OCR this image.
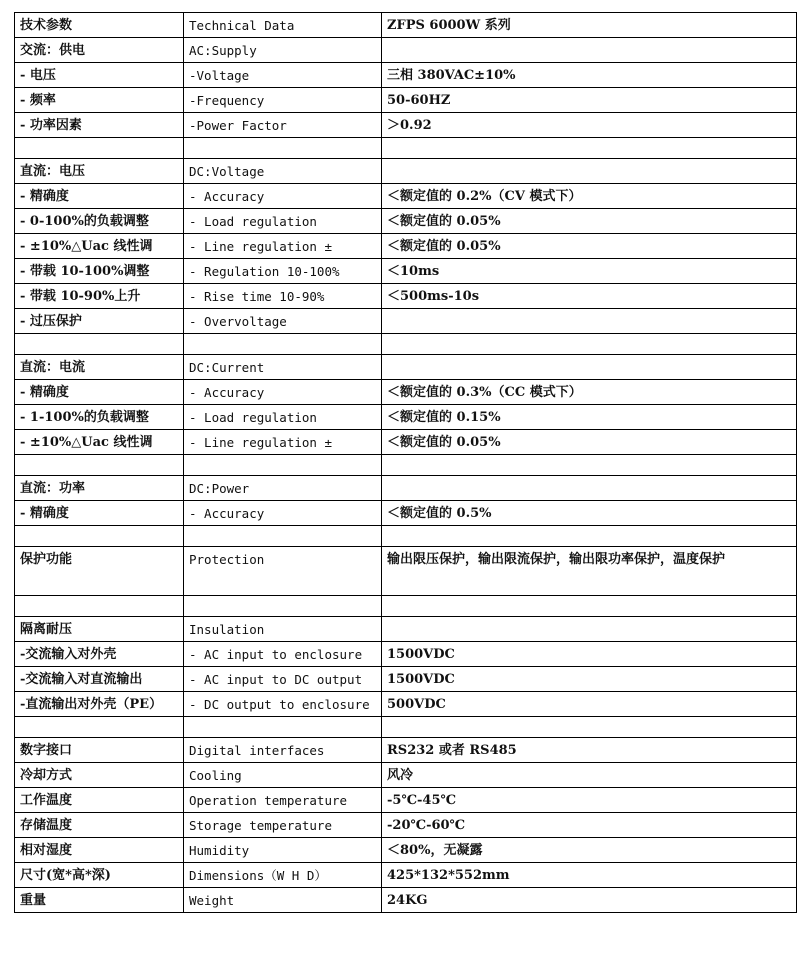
技术参数	Technical Data	ZFPS 6000W 系列
交流：供电	AC:Supply	
- 电压	-Voltage	三相 380VAC±10%
- 频率	-Frequency	50-60HZ
- 功率因素	-Power Factor	＞0.92

直流：电压	DC:Voltage	
- 精确度	- Accuracy	＜额定值的 0.2%（CV 模式下）
- 0-100%的负载调整	- Load regulation	＜额定值的 0.05%
- ±10%△Uac 线性调	- Line regulation ±	＜额定值的 0.05%
- 带载 10-100%调整	- Regulation 10-100%	＜10ms
- 带载 10-90%上升	- Rise time 10-90%	＜500ms-10s
- 过压保护	- Overvoltage	

直流：电流	DC:Current	
- 精确度	- Accuracy	＜额定值的 0.3%（CC 模式下）
- 1-100%的负载调整	- Load regulation	＜额定值的 0.15%
- ±10%△Uac 线性调	- Line regulation ±	＜额定值的 0.05%

直流：功率	DC:Power	
- 精确度	- Accuracy	＜额定值的 0.5%

保护功能	Protection	输出限压保护，输出限流保护，输出限功率保护，温度保护

隔离耐压	Insulation	
-交流输入对外壳	- AC input to enclosure	1500VDC
-交流输入对直流输出	- AC input to DC output	1500VDC
-直流输出对外壳（PE）	- DC output to enclosure	500VDC

数字接口	Digital interfaces	RS232 或者 RS485
冷却方式	Cooling	风冷
工作温度	Operation temperature	-5℃-45℃
存储温度	Storage temperature	-20℃-60℃
相对湿度	Humidity	＜80%，无凝露
尺寸(宽*高*深)	Dimensions（W H D）	425*132*552mm
重量	Weight	24KG
